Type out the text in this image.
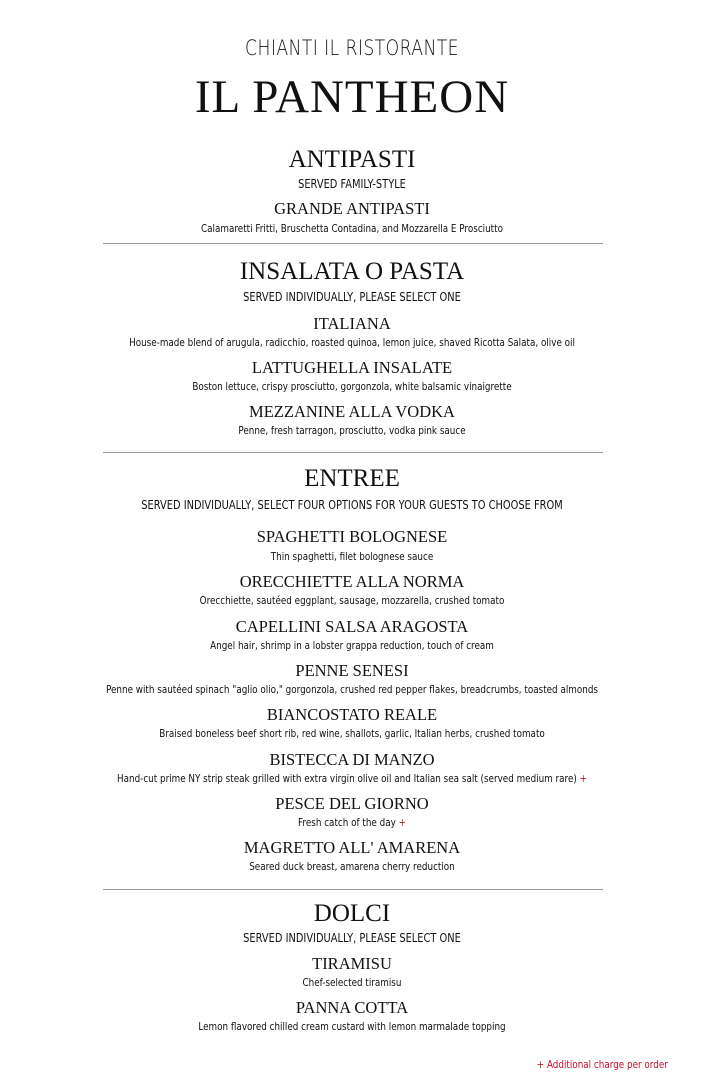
CHIANTI IL RISTORANTE
IL PANTHEON
ANTIPASTI
SERVED FAMILY-STYLE
GRANDE ANTIPASTI
Calamaretti Fritti, Bruschetta Contadina, and Mozzarella E Prosciutto
INSALATA O PASTA
SERVED INDIVIDUALLY, PLEASE SELECT ONE
ITALIANA
House-made blend of arugula, radicchio, roasted quinoa, lemon juice, shaved Ricotta Salata, olive oil
LATTUGHELLA INSALATE
Boston lettuce, crispy prosciutto, gorgonzola, white balsamic vinaigrette
MEZZANINE ALLA VODKA
Penne, fresh tarragon, prosciutto, vodka pink sauce
ENTREE
SERVED INDIVIDUALLY, SELECT FOUR OPTIONS FOR YOUR GUESTS TO CHOOSE FROM
SPAGHETTI BOLOGNESE
Thin spaghetti, filet bolognese sauce
ORECCHIETTE ALLA NORMA
Orecchiette, sautéed eggplant, sausage, mozzarella, crushed tomato
CAPELLINI SALSA ARAGOSTA
Angel hair, shrimp in a lobster grappa reduction, touch of cream
PENNE SENESI
Penne with sautéed spinach "aglio olio," gorgonzola, crushed red pepper flakes, breadcrumbs, toasted almonds
BIANCOSTATO REALE
Braised boneless beef short rib, red wine, shallots, garlic, Italian herbs, crushed tomato
BISTECCA DI MANZO
Hand-cut prime NY strip steak grilled with extra virgin olive oil and Italian sea salt (served medium rare) +
PESCE DEL GIORNO
Fresh catch of the day +
MAGRETTO ALL' AMARENA
Seared duck breast, amarena cherry reduction
DOLCI
SERVED INDIVIDUALLY, PLEASE SELECT ONE
TIRAMISU
Chef-selected tiramisu
PANNA COTTA
Lemon flavored chilled cream custard with lemon marmalade topping
+ Additional charge per order
